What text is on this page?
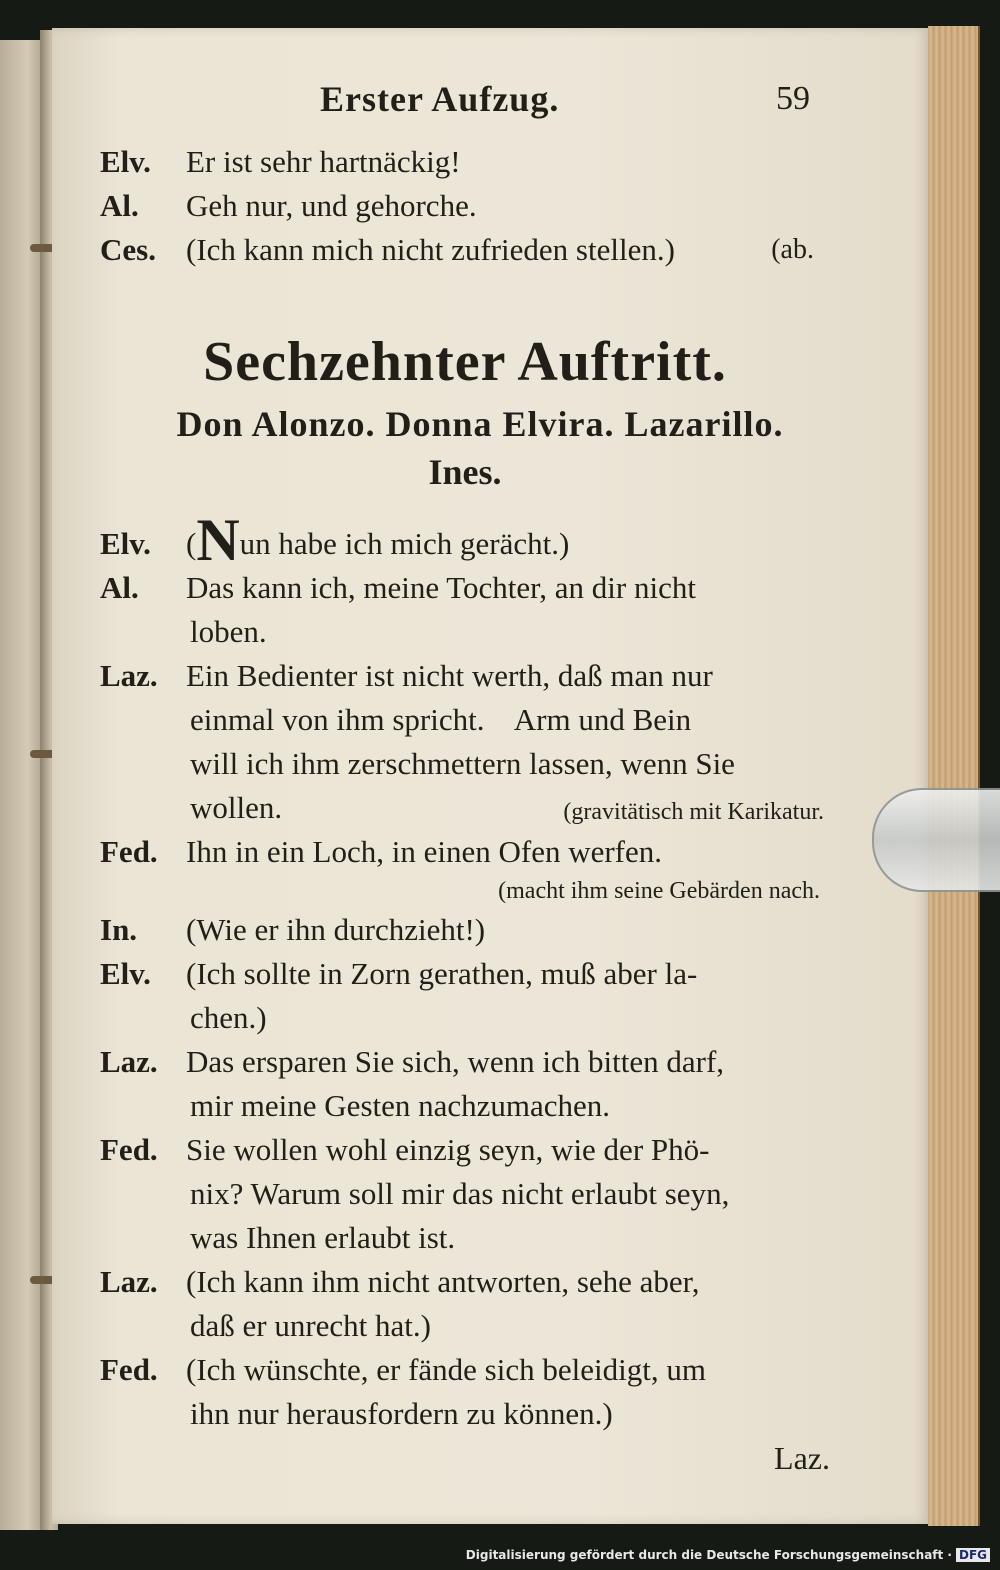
Erster Aufzug.	59
Elv. Er ist sehr hartnäckig!
Al. Geh nur, und gehorche.
Ces. (Ich kann mich nicht zufrieden stellen.)	(ab.
Sechzehnter Auftritt.
Don Alonzo. Donna Elvira. Lazarillo.
Ines.
Elv. (Nun habe ich mich gerächt.)
Al. Das kann ich, meine Tochter, an dir nicht
loben.
Laz. Ein Bedienter ist nicht werth, daß man nur
einmal von ihm spricht.    Arm und Bein
will ich ihm zerschmettern lassen, wenn Sie
wollen.	(gravitätisch mit Karikatur.
Fed. Ihn in ein Loch, in einen Ofen werfen.
(macht ihm seine Gebärden nach.
In. (Wie er ihn durchzieht!)
Elv. (Ich sollte in Zorn gerathen, muß aber la-
chen.)
Laz. Das ersparen Sie sich, wenn ich bitten darf,
mir meine Gesten nachzumachen.
Fed. Sie wollen wohl einzig seyn, wie der Phö-
nix? Warum soll mir das nicht erlaubt seyn,
was Ihnen erlaubt ist.
Laz. (Ich kann ihm nicht antworten, sehe aber,
daß er unrecht hat.)
Fed. (Ich wünschte, er fände sich beleidigt, um
ihn nur herausfordern zu können.)
Laz.
Digitalisierung gefördert durch die Deutsche Forschungsgemeinschaft · DFG
